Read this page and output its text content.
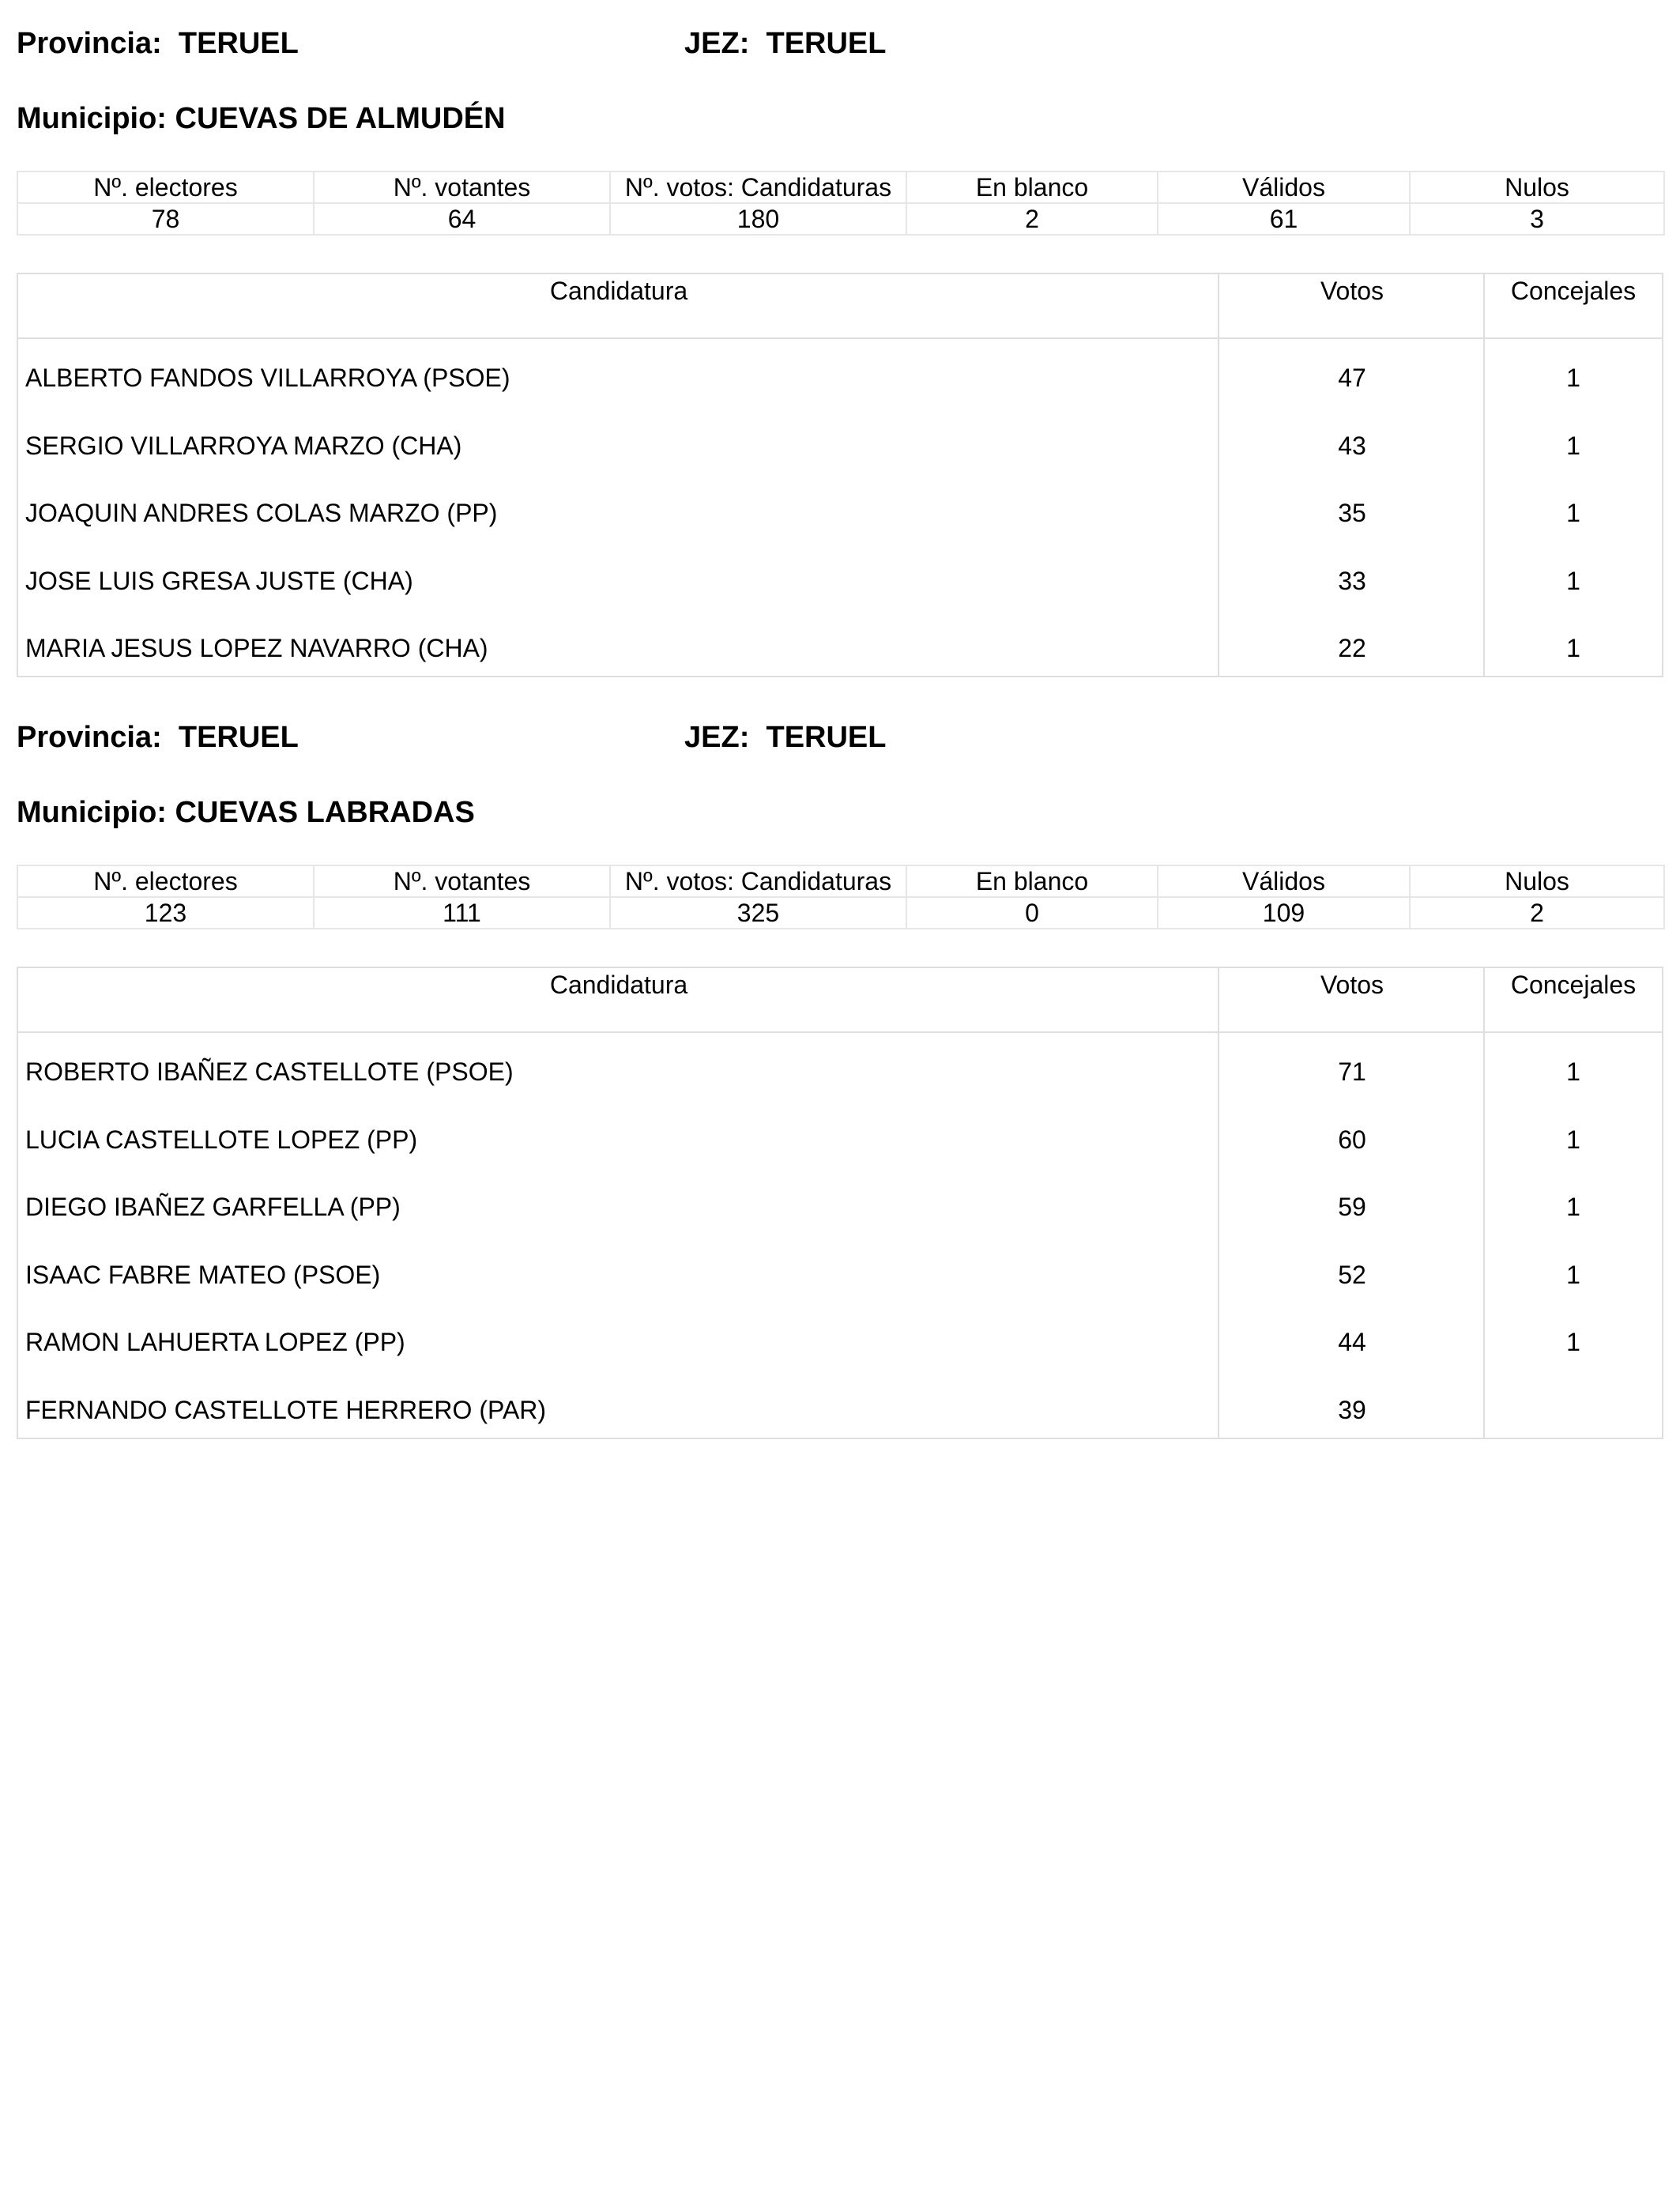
Provincia: TERUEL	JEZ: TERUEL
Municipio: CUEVAS DE ALMUDÉN
Nº. electores	Nº. votantes	Nº. votos: Candidaturas	En blanco	Válidos	Nulos
78	64	180	2	61	3
Candidatura	Votos	Concejales
ALBERTO FANDOS VILLARROYA (PSOE)	47	1
SERGIO VILLARROYA MARZO (CHA)	43	1
JOAQUIN ANDRES COLAS MARZO (PP)	35	1
JOSE LUIS GRESA JUSTE (CHA)	33	1
MARIA JESUS LOPEZ NAVARRO (CHA)	22	1
Provincia: TERUEL	JEZ: TERUEL
Municipio: CUEVAS LABRADAS
Nº. electores	Nº. votantes	Nº. votos: Candidaturas	En blanco	Válidos	Nulos
123	111	325	0	109	2
Candidatura	Votos	Concejales
ROBERTO IBAÑEZ CASTELLOTE (PSOE)	71	1
LUCIA CASTELLOTE LOPEZ (PP)	60	1
DIEGO IBAÑEZ GARFELLA (PP)	59	1
ISAAC FABRE MATEO (PSOE)	52	1
RAMON LAHUERTA LOPEZ (PP)	44	1
FERNANDO CASTELLOTE HERRERO (PAR)	39
